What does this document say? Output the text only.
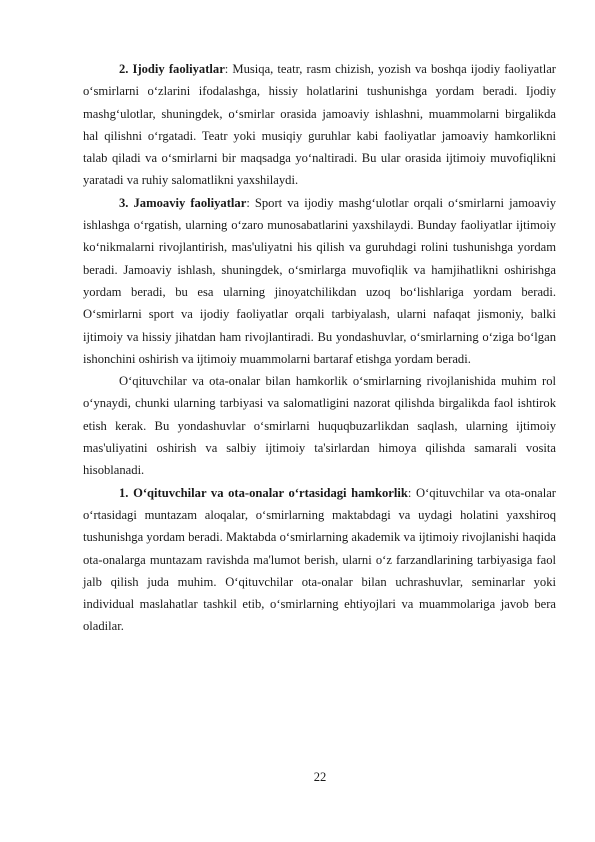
2. Ijodiy faoliyatlar: Musiqa, teatr, rasm chizish, yozish va boshqa ijodiy faoliyatlar o‘smirlarni o‘zlarini ifodalashga, hissiy holatlarini tushunishga yordam beradi. Ijodiy mashg‘ulotlar, shuningdek, o‘smirlar orasida jamoaviy ishlashni, muammolarni birgalikda hal qilishni o‘rgatadi. Teatr yoki musiqiy guruhlar kabi faoliyatlar jamoaviy hamkorlikni talab qiladi va o‘smirlarni bir maqsadga yo‘naltiradi. Bu ular orasida ijtimoiy muvofiqlikni yaratadi va ruhiy salomatlikni yaxshilaydi.

3. Jamoaviy faoliyatlar: Sport va ijodiy mashg‘ulotlar orqali o‘smirlarni jamoaviy ishlashga o‘rgatish, ularning o‘zaro munosabatlarini yaxshilaydi. Bunday faoliyatlar ijtimoiy ko‘nikmalarni rivojlantirish, mas'uliyatni his qilish va guruhdagi rolini tushunishga yordam beradi. Jamoaviy ishlash, shuningdek, o‘smirlarga muvofiqlik va hamjihatlikni oshirishga yordam beradi, bu esa ularning jinoyatchilikdan uzoq bo‘lishlariga yordam beradi. O‘smirlarni sport va ijodiy faoliyatlar orqali tarbiyalash, ularni nafaqat jismoniy, balki ijtimoiy va hissiy jihatdan ham rivojlantiradi. Bu yondashuvlar, o‘smirlarning o‘ziga bo‘lgan ishonchini oshirish va ijtimoiy muammolarni bartaraf etishga yordam beradi.

O‘qituvchilar va ota-onalar bilan hamkorlik o‘smirlarning rivojlanishida muhim rol o‘ynaydi, chunki ularning tarbiyasi va salomatligini nazorat qilishda birgalikda faol ishtirok etish kerak. Bu yondashuvlar o‘smirlarni huquqbuzarlikdan saqlash, ularning ijtimoiy mas'uliyatini oshirish va salbiy ijtimoiy ta'sirlardan himoya qilishda samarali vosita hisoblanadi.

1. O‘qituvchilar va ota-onalar o‘rtasidagi hamkorlik: O‘qituvchilar va ota-onalar o‘rtasidagi muntazam aloqalar, o‘smirlarning maktabdagi va uydagi holatini yaxshiroq tushunishga yordam beradi. Maktabda o‘smirlarning akademik va ijtimoiy rivojlanishi haqida ota-onalarga muntazam ravishda ma'lumot berish, ularni o‘z farzandlarining tarbiyasiga faol jalb qilish juda muhim. O‘qituvchilar ota-onalar bilan uchrashuvlar, seminarlar yoki individual maslahatlar tashkil etib, o‘smirlarning ehtiyojlari va muammolariga javob bera oladilar.

22
